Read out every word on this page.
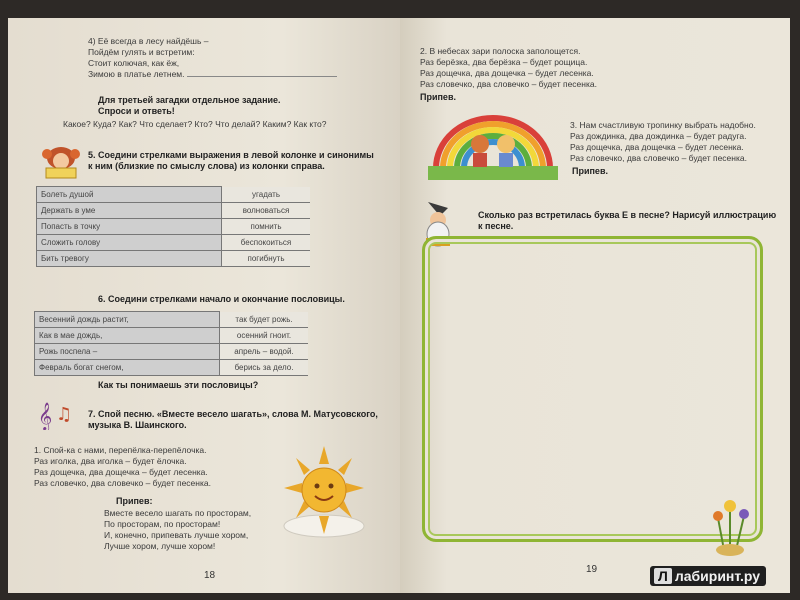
4) Её всегда в лесу найдёшь –
Пойдём гулять и встретим:
Стоит колючая, как ёж,
Зимою в платье летнем.
Для третьей загадки отдельное задание.
Спроси и ответь!
Какое? Куда? Как? Что сделает? Кто? Что делай? Каким? Как кто?
5. Соедини стрелками выражения в левой колонке и синонимы
к ним (близкие по смыслу слова) из колонки справа.
Болеть душой	угадать
Держать в уме	волноваться
Попасть в точку	помнить
Сложить голову	беспокоиться
Бить тревогу	погибнуть
6. Соедини стрелками начало и окончание пословицы.
Весенний дождь растит,	так будет рожь.
Как в мае дождь,	осенний гноит.
Рожь поспела –	апрель – водой.
Февраль богат снегом,	берись за дело.
Как ты понимаешь эти пословицы?
𝄞 ♫ 7. Спой песню. «Вместе весело шагать», слова М. Матусовского,
музыка В. Шаинского.
1. Спой-ка с нами, перепёлка-перепёлочка.
Раз иголка, два иголка – будет ёлочка.
Раз дощечка, два дощечка – будет лесенка.
Раз словечко, два словечко – будет песенка.
Припев:
Вместе весело шагать по просторам,
По просторам, по просторам!
И, конечно, припевать лучше хором,
Лучше хором, лучше хором!
18
2. В небесах зари полоска заполощется.
Раз берёзка, два берёзка – будет рощица.
Раз дощечка, два дощечка – будет лесенка.
Раз словечко, два словечко – будет песенка.
Припев.
3. Нам счастливую тропинку выбрать надобно.
Раз дождинка, два дождинка – будет радуга.
Раз дощечка, два дощечка – будет лесенка.
Раз словечко, два словечко – будет песенка.
Припев.
Сколько раз встретилась буква Е в песне? Нарисуй иллюстрацию
к песне.
19	Л лабиринт.ру
